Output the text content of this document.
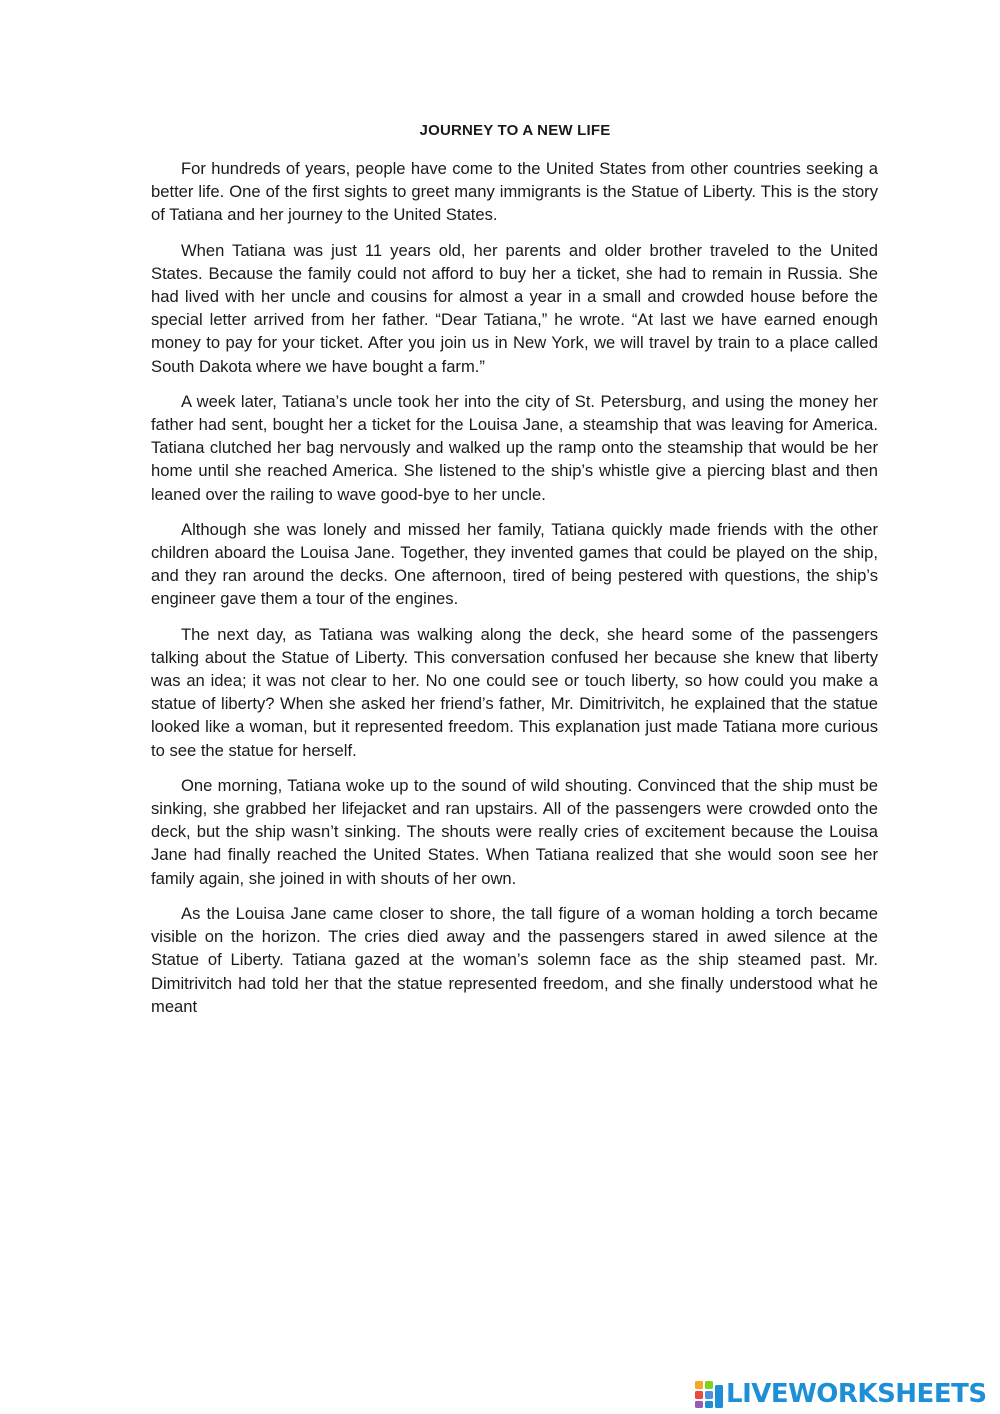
JOURNEY TO A NEW LIFE

For hundreds of years, people have come to the United States from other countries seeking a better life. One of the first sights to greet many immigrants is the Statue of Liberty. This is the story of Tatiana and her journey to the United States.

When Tatiana was just 11 years old, her parents and older brother traveled to the United States. Because the family could not afford to buy her a ticket, she had to remain in Russia. She had lived with her uncle and cousins for almost a year in a small and crowded house before the special letter arrived from her father. “Dear Tatiana,” he wrote. “At last we have earned enough money to pay for your ticket. After you join us in New York, we will travel by train to a place called South Dakota where we have bought a farm.”

A week later, Tatiana’s uncle took her into the city of St. Petersburg, and using the money her father had sent, bought her a ticket for the Louisa Jane, a steamship that was leaving for America. Tatiana clutched her bag nervously and walked up the ramp onto the steamship that would be her home until she reached America. She listened to the ship’s whistle give a piercing blast and then leaned over the railing to wave good-bye to her uncle.

Although she was lonely and missed her family, Tatiana quickly made friends with the other children aboard the Louisa Jane. Together, they invented games that could be played on the ship, and they ran around the decks. One afternoon, tired of being pestered with questions, the ship’s engineer gave them a tour of the engines.

The next day, as Tatiana was walking along the deck, she heard some of the passengers talking about the Statue of Liberty. This conversation confused her because she knew that liberty was an idea; it was not clear to her. No one could see or touch liberty, so how could you make a statue of liberty? When she asked her friend’s father, Mr. Dimitrivitch, he explained that the statue looked like a woman, but it represented freedom. This explanation just made Tatiana more curious to see the statue for herself.

One morning, Tatiana woke up to the sound of wild shouting. Convinced that the ship must be sinking, she grabbed her lifejacket and ran upstairs. All of the passengers were crowded onto the deck, but the ship wasn’t sinking. The shouts were really cries of excitement because the Louisa Jane had finally reached the United States. When Tatiana realized that she would soon see her family again, she joined in with shouts of her own.

As the Louisa Jane came closer to shore, the tall figure of a woman holding a torch became visible on the horizon. The cries died away and the passengers stared in awed silence at the Statue of Liberty. Tatiana gazed at the woman’s solemn face as the ship steamed past. Mr. Dimitrivitch had told her that the statue represented freedom, and she finally understood what he meant

LIVEWORKSHEETS
